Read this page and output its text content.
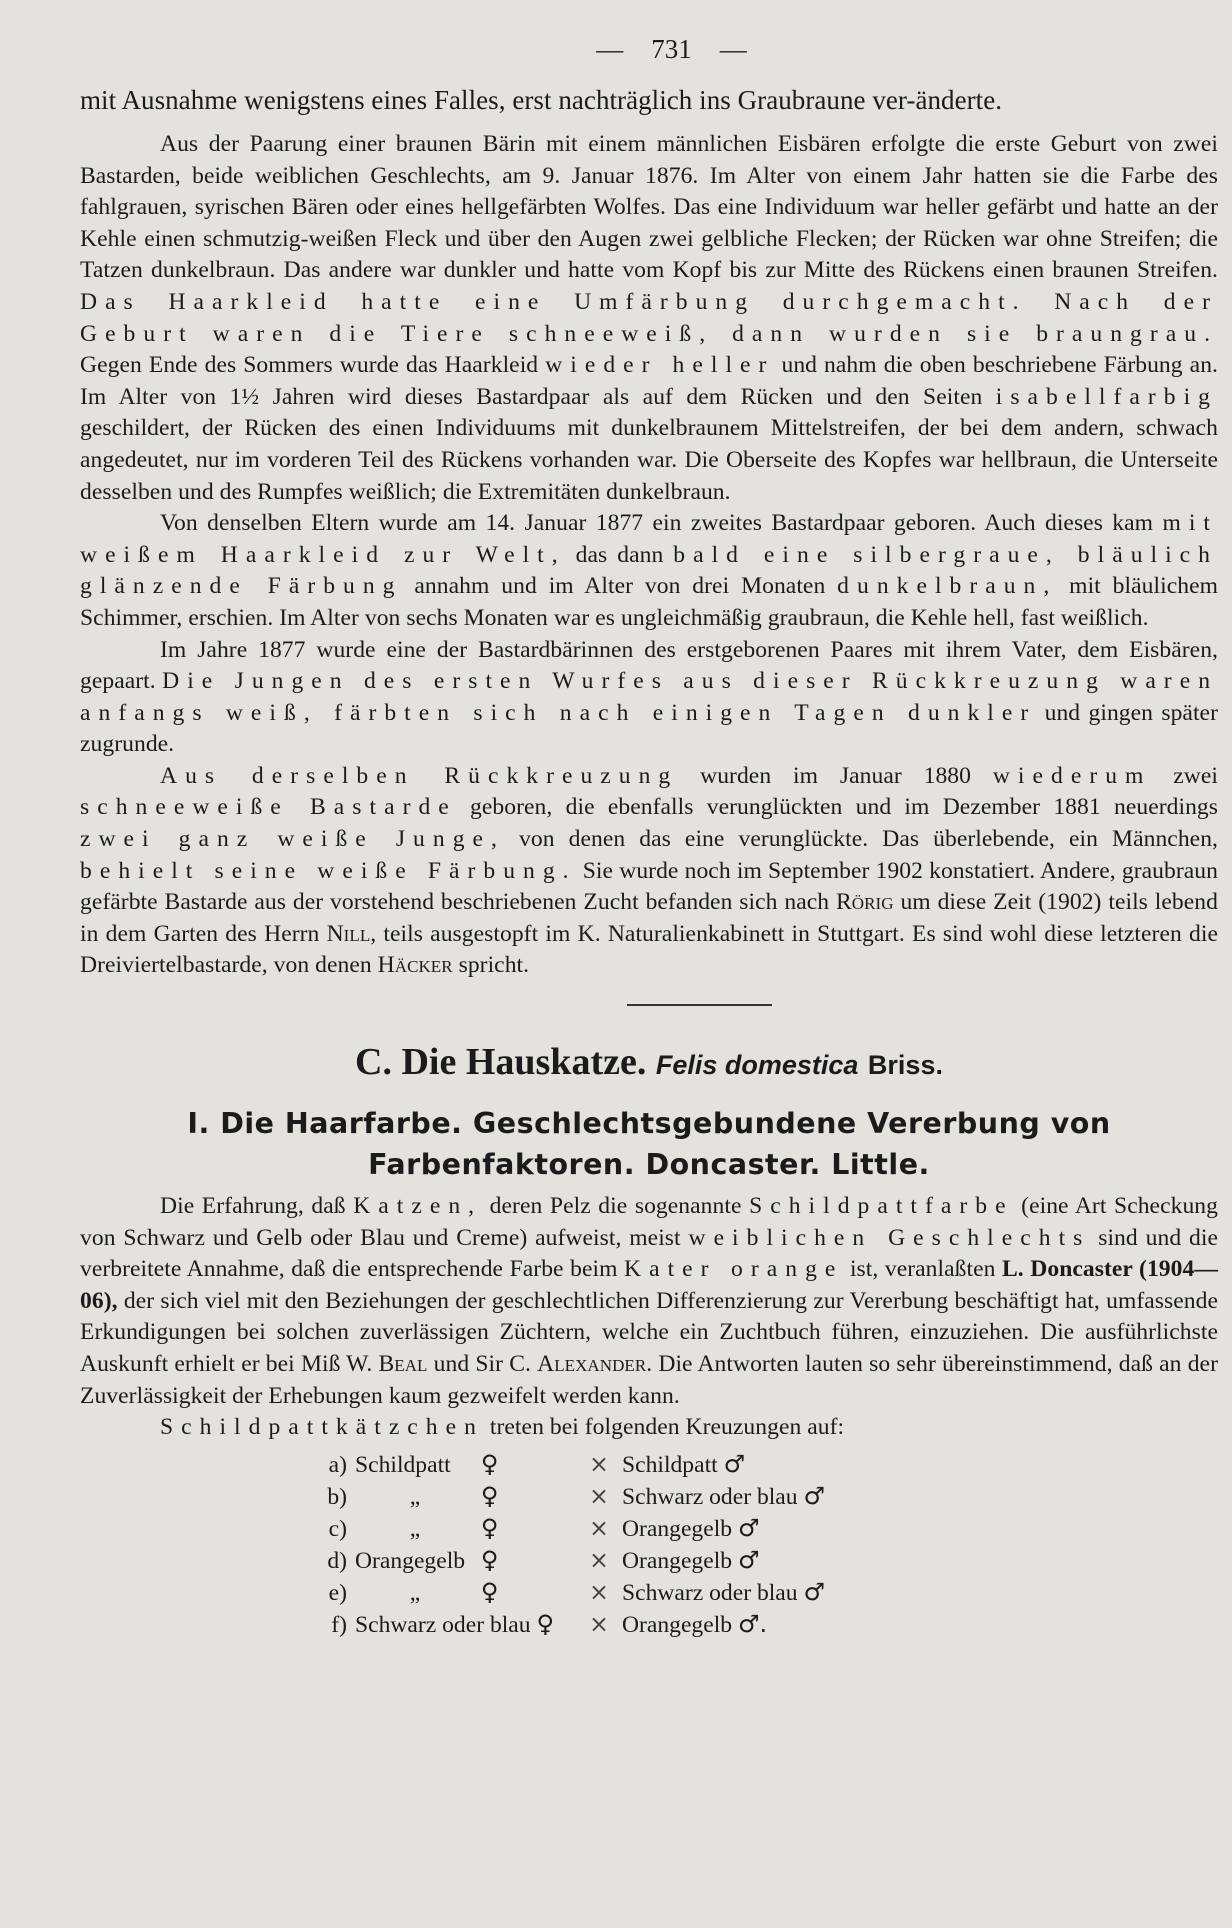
— 731 —

mit Ausnahme wenigstens eines Falles, erst nachträglich ins Graubraune ver-änderte.

Aus der Paarung einer braunen Bärin mit einem männlichen Eisbären erfolgte die erste Geburt von zwei Bastarden, beide weiblichen Geschlechts, am 9. Januar 1876. Im Alter von einem Jahr hatten sie die Farbe des fahlgrauen, syrischen Bären oder eines hellgefärbten Wolfes. Das eine Individuum war heller gefärbt und hatte an der Kehle einen schmutzig-weißen Fleck und über den Augen zwei gelbliche Flecken; der Rücken war ohne Streifen; die Tatzen dunkelbraun. Das andere war dunkler und hatte vom Kopf bis zur Mitte des Rückens einen braunen Streifen. Das Haarkleid hatte eine Umfärbung durchgemacht. Nach der Geburt waren die Tiere schneeweiß, dann wurden sie braungrau. Gegen Ende des Sommers wurde das Haarkleid wieder heller und nahm die oben beschriebene Färbung an. Im Alter von 1½ Jahren wird dieses Bastardpaar als auf dem Rücken und den Seiten isabellfarbig geschildert, der Rücken des einen Individuums mit dunkelbraunem Mittelstreifen, der bei dem andern, schwach angedeutet, nur im vorderen Teil des Rückens vorhanden war. Die Oberseite des Kopfes war hellbraun, die Unterseite desselben und des Rumpfes weißlich; die Extremitäten dunkelbraun.

Von denselben Eltern wurde am 14. Januar 1877 ein zweites Bastardpaar geboren. Auch dieses kam mit weißem Haarkleid zur Welt, das dann bald eine silbergraue, bläulich glänzende Färbung annahm und im Alter von drei Monaten dunkelbraun, mit bläulichem Schimmer, erschien. Im Alter von sechs Monaten war es ungleichmäßig graubraun, die Kehle hell, fast weißlich.

Im Jahre 1877 wurde eine der Bastardbärinnen des erstgeborenen Paares mit ihrem Vater, dem Eisbären, gepaart. Die Jungen des ersten Wurfes aus dieser Rückkreuzung waren anfangs weiß, färbten sich nach einigen Tagen dunkler und gingen später zugrunde.

Aus derselben Rückkreuzung wurden im Januar 1880 wiederum zwei schneeweiße Bastarde geboren, die ebenfalls verunglückten und im Dezember 1881 neuerdings zwei ganz weiße Junge, von denen das eine verunglückte. Das überlebende, ein Männchen, behielt seine weiße Färbung. Sie wurde noch im September 1902 konstatiert. Andere, graubraun gefärbte Bastarde aus der vorstehend beschriebenen Zucht befanden sich nach Rörig um diese Zeit (1902) teils lebend in dem Garten des Herrn Nill, teils ausgestopft im K. Naturalienkabinett in Stuttgart. Es sind wohl diese letzteren die Dreiviertelbastarde, von denen Häcker spricht.

C. Die Hauskatze. Felis domestica Briss.
I. Die Haarfarbe. Geschlechtsgebundene Vererbung von Farbenfaktoren. Doncaster. Little.

Die Erfahrung, daß Katzen, deren Pelz die sogenannte Schildpattfarbe (eine Art Scheckung von Schwarz und Gelb oder Blau und Creme) aufweist, meist weiblichen Geschlechts sind und die verbreitete Annahme, daß die entsprechende Farbe beim Kater orange ist, veranlaßten L. Doncaster (1904—06), der sich viel mit den Beziehungen der geschlechtlichen Differenzierung zur Vererbung beschäftigt hat, umfassende Erkundigungen bei solchen zuverlässigen Züchtern, welche ein Zuchtbuch führen, einzuziehen. Die ausführlichste Auskunft erhielt er bei Miß W. Beal und Sir C. Alexander. Die Antworten lauten so sehr übereinstimmend, daß an der Zuverlässigkeit der Erhebungen kaum gezweifelt werden kann.

Schildpattkätzchen treten bei folgenden Kreuzungen auf:

a) Schildpatt ♀	× Schildpatt ♂
b)	„	♀	× Schwarz oder blau ♂
c)	„	♀	× Orangegelb ♂
d) Orangegelb ♀	× Orangegelb ♂
e)	„	♀	× Schwarz oder blau ♂
f) Schwarz oder blau ♀	× Orangegelb ♂.
